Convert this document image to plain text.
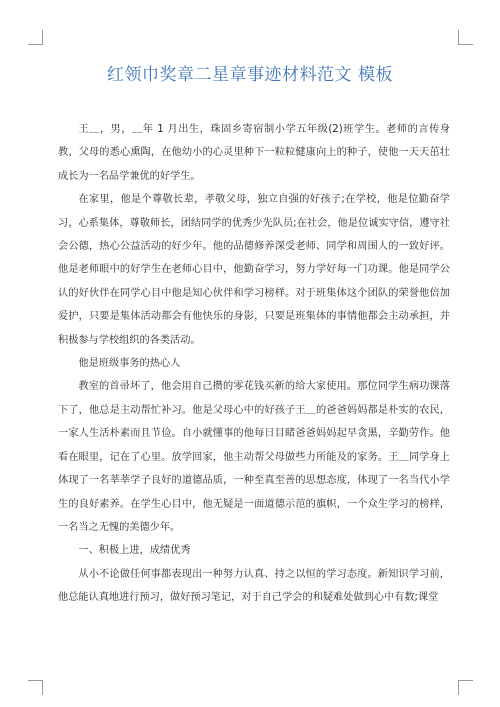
红领巾奖章二星章事迹材料范文 模板

王＿，男，＿年 1 月出生，珠固乡寄宿制小学五年级(2)班学生。老师的言传身教，父母的悉心熏陶，在他幼小的心灵里种下一粒粒健康向上的种子，使他一天天茁壮成长为一名品学兼优的好学生。

在家里，他是个尊敬长辈，孝敬父母，独立自强的好孩子;在学校，他是位勤奋学习，心系集体，尊敬师长，团结同学的优秀少先队员;在社会，他是位诚实守信，遵守社会公德，热心公益活动的好少年。他的品德修养深受老师、同学和周围人的一致好评。他是老师眼中的好学生在老师心目中，他勤奋学习，努力学好每一门功课。他是同学公认的好伙伴在同学心目中他是知心伙伴和学习榜样。对于班集体这个团队的荣誉他倍加爱护，只要是集体活动都会有他快乐的身影，只要是班集体的事情他都会主动承担，并积极参与学校组织的各类活动。

他是班级事务的热心人

教室的首帚坏了，他会用自己攒的零花钱买新的给大家使用。那位同学生病功课落下了，他总是主动帮忙补习。他是父母心中的好孩子王＿的爸爸妈妈都是朴实的农民，一家人生活朴素而且节俭。自小就懂事的他每日目睹爸爸妈妈起早贪黑，辛勤劳作。他看在眼里，记在了心里。放学回家，他主动帮父母做些力所能及的家务。王＿同学身上体现了一名莘莘学子良好的道德品质，一种至真至善的思想态度，体现了一名当代小学生的良好素养。在学生心目中，他无疑是一面道德示范的旗帜，一个众生学习的榜样，一名当之无愧的美德少年。

一、积极上进，成绩优秀

从小不论做任何事都表现出一种努力认真、持之以恒的学习态度。新知识学习前，他总能认真地进行预习，做好预习笔记，对于自己学会的和疑难处做到心中有数;课堂
